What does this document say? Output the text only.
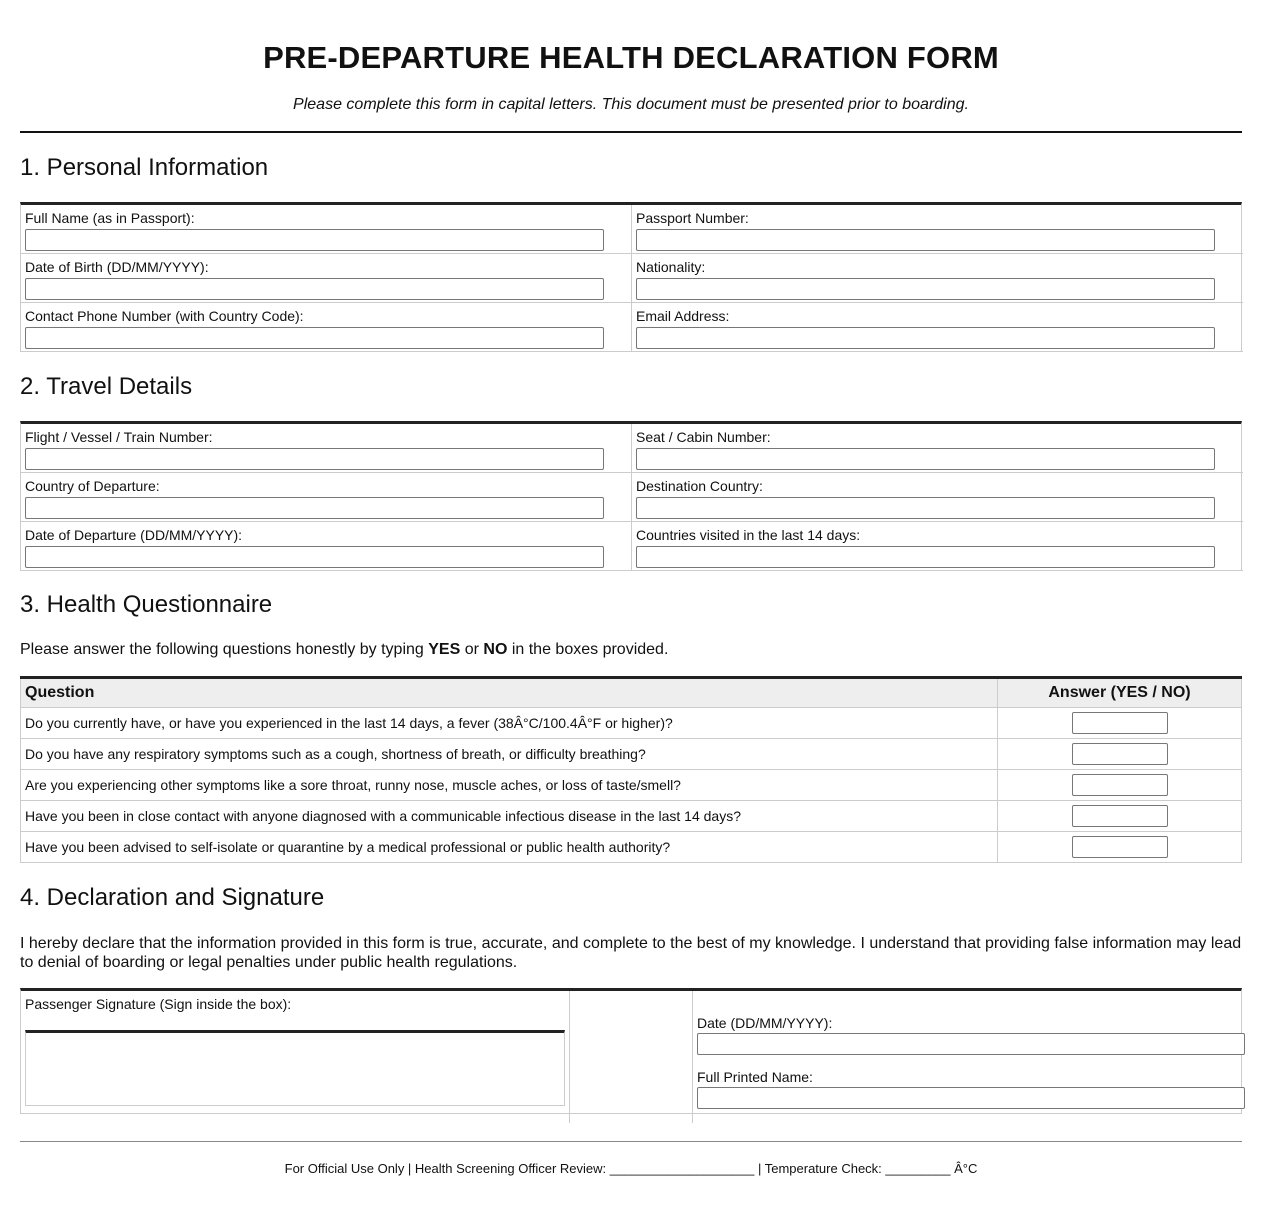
PRE-DEPARTURE HEALTH DECLARATION FORM
Please complete this form in capital letters. This document must be presented prior to boarding.
1. Personal Information
Full Name (as in Passport):	Passport Number:
Date of Birth (DD/MM/YYYY):	Nationality:
Contact Phone Number (with Country Code):	Email Address:
2. Travel Details
Flight / Vessel / Train Number:	Seat / Cabin Number:
Country of Departure:	Destination Country:
Date of Departure (DD/MM/YYYY):	Countries visited in the last 14 days:
3. Health Questionnaire
Please answer the following questions honestly by typing YES or NO in the boxes provided.
Question	Answer (YES / NO)
Do you currently have, or have you experienced in the last 14 days, a fever (38Â°C/100.4Â°F or higher)?	
Do you have any respiratory symptoms such as a cough, shortness of breath, or difficulty breathing?	
Are you experiencing other symptoms like a sore throat, runny nose, muscle aches, or loss of taste/smell?	
Have you been in close contact with anyone diagnosed with a communicable infectious disease in the last 14 days?	
Have you been advised to self-isolate or quarantine by a medical professional or public health authority?	
4. Declaration and Signature
I hereby declare that the information provided in this form is true, accurate, and complete to the best of my knowledge. I understand that providing false information may lead to denial of boarding or legal penalties under public health regulations.
Passenger Signature (Sign inside the box):
Date (DD/MM/YYYY):
Full Printed Name:
For Official Use Only | Health Screening Officer Review: ____________________ | Temperature Check: _________ Â°C
